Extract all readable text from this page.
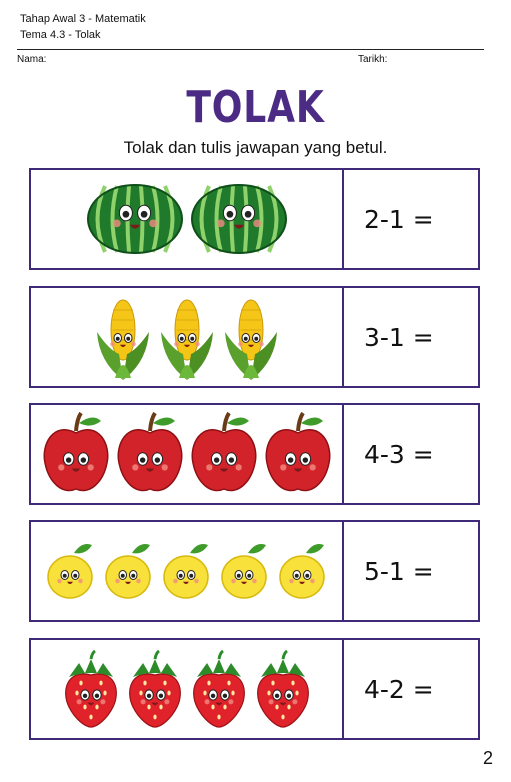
Tahap Awal 3 - Matematik
Tema 4.3 - Tolak
Nama:	Tarikh:
TOLAK
Tolak dan tulis jawapan yang betul.
2-1 =
3-1 =
4-3 =
5-1 =
4-2 =
2
